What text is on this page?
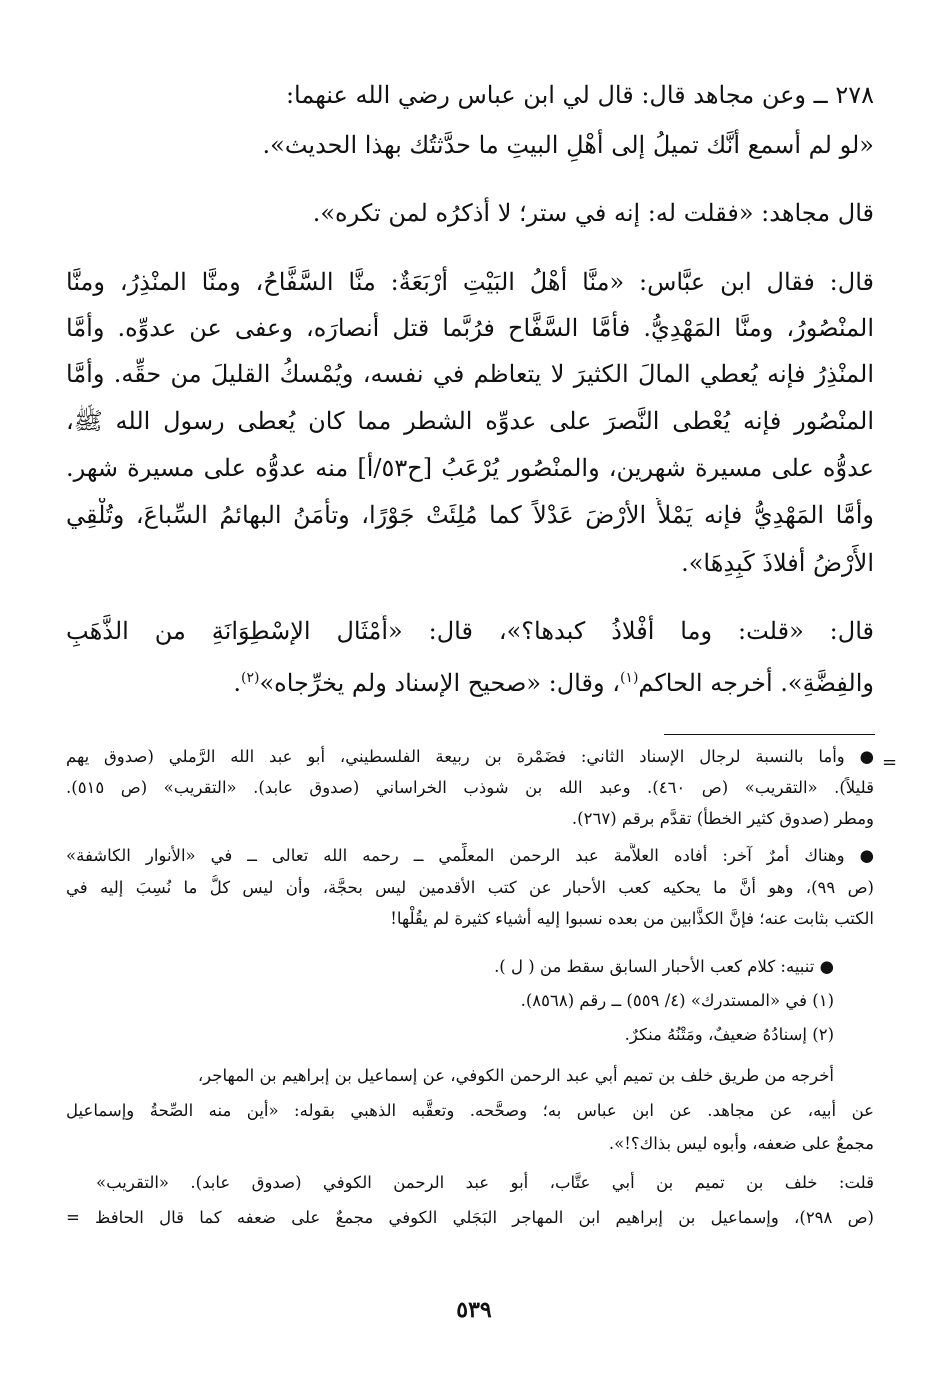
٢٧٨ ــ وعن مجاهد قال: قال لي ابن عباس رضي الله عنهما:
«لو لم أسمع أنَّك تميلُ إلى أهْلِ البيتِ ما حدَّثتُك بهذا الحديث».
قال مجاهد: «فقلت له: إنه في ستر؛ لا أذكرُه لمن تكره».
قال: فقال ابن عبَّاس: «منَّا أهْلُ البَيْتِ أرْبَعَةٌ: منَّا السَّفَّاحُ، ومنَّا المنْذِرُ، ومنَّا
المنْصُورُ، ومنَّا المَهْدِيُّ. فأمَّا السَّفَّاح فرُبَّما قتل أنصارَه، وعفى عن عدوِّه. وأمَّا
المنْذِرُ فإنه يُعطي المالَ الكثيرَ لا يتعاظم في نفسه، ويُمْسكُ القليلَ من حقِّه. وأمَّا
المنْصُور فإنه يُعْطى النَّصرَ على عدوِّه الشطر مما كان يُعطى رسول الله ﷺ،
عدوُّه على مسيرة شهرين، والمنْصُور يُرْعَبُ [ح٥٣/أ] منه عدوُّه على مسيرة شهر.
وأمَّا المَهْدِيُّ فإنه يَمْلأُ الأرْضَ عَدْلاً كما مُلِئَتْ جَوْرًا، وتأْمَنُ البهائمُ السِّباعَ، وتُلْقِي
الأَرْضُ أفلاذَ كَبِدِهَا».
قال: «قلت: وما أفْلاذُ كبدها؟»، قال: «أَمْثَال الإسْطِوَانَةِ من الذَّهَبِ
والفِضَّةِ». أخرجه الحاكم$^{(١)}$، وقال: «صحيح الإسناد ولم يخرِّجاه»$^{(٢)}$.
=
● وأما بالنسبة لرجال الإسناد الثاني: فضَمْرة بن ربيعة الفلسطيني، أبو عبد الله الرَّملي (صدوق يهم
قليلاً). «التقريب» (ص ٤٦٠). وعبد الله بن شوذب الخراساني (صدوق عابد). «التقريب» (ص ٥١٥).
ومطر (صدوق كثير الخطأ) تقدَّم برقم (٢٦٧).
● وهناك أمرٌ آخر: أفاده العلاَّمة عبد الرحمن المعلِّمي ــ رحمه الله تعالى ــ في «الأنوار الكاشفة»
(ص ٩٩)، وهو أنَّ ما يحكيه كعب الأحبار عن كتب الأقدمين ليس بحجَّة، وأن ليس كلُّ ما نُسِبَ إليه في
الكتب بثابت عنه؛ فإنَّ الكذَّابين من بعده نسبوا إليه أشياء كثيرة لم يقُلْها!
● تنبيه: كلام كعب الأحبار السابق سقط من ( ل ).
(١) في «المستدرك» (٤/ ٥٥٩) ــ رقم (٨٥٦٨).
(٢) إسنادُهُ ضعيفٌ، ومَتْنُهُ منكرٌ.
أخرجه من طريق خلف بن تميم أبي عبد الرحمن الكوفي، عن إسماعيل بن إبراهيم بن المهاجر،
عن أبيه، عن مجاهد. عن ابن عباس به؛ وصحَّحه. وتعقَّبه الذهبي بقوله: «أين منه الصِّحةُ وإسماعيل
مجمعٌ على ضعفه، وأبوه ليس بذاك؟!».
قلت: خلف بن تميم بن أبي عتَّاب، أبو عبد الرحمن الكوفي (صدوق عابد). «التقريب»
(ص ٢٩٨)، وإسماعيل بن إبراهيم ابن المهاجر البَجَلي الكوفي مجمعٌ على ضعفه كما قال الحافظ =
٥٣٩
